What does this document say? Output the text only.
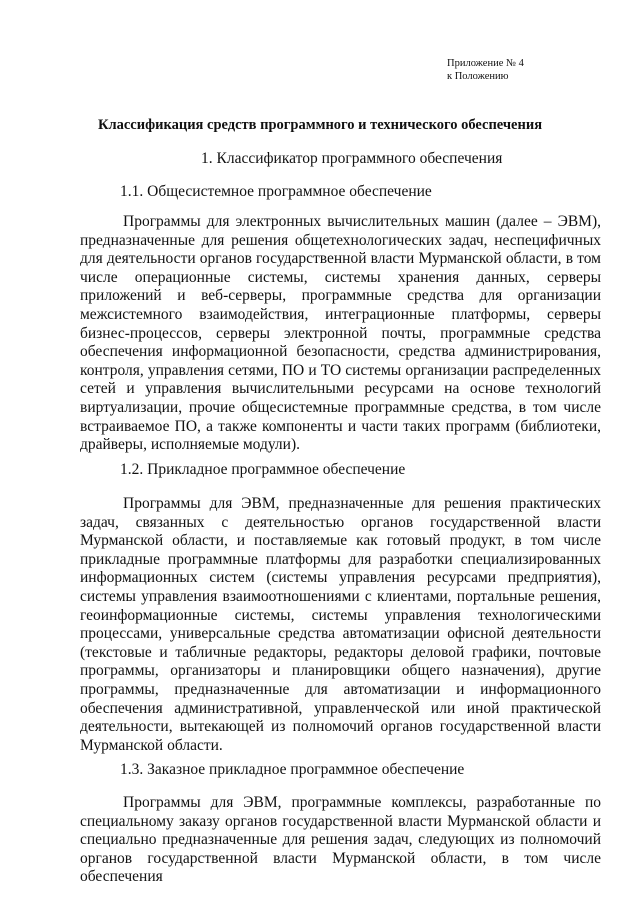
Приложение № 4
к Положению
Классификация средств программного и технического обеспечения
1. Классификатор программного обеспечения
1.1. Общесистемное программное обеспечение

Программы для электронных вычислительных машин (далее – ЭВМ), предназначенные для решения общетехнологических задач, неспецифичных для деятельности органов государственной власти Мурманской области, в том числе операционные системы, системы хранения данных, серверы приложений и веб-серверы, программные средства для организации межсистемного взаимодействия, интеграционные платформы, серверы бизнес-процессов, серверы электронной почты, программные средства обеспечения информационной безопасности, средства администрирования, контроля, управления сетями, ПО и ТО системы организации распределенных сетей и управления вычислительными ресурсами на основе технологий виртуализации, прочие общесистемные программные средства, в том числе встраиваемое ПО, а также компоненты и части таких программ (библиотеки, драйверы, исполняемые модули).

1.2. Прикладное программное обеспечение

Программы для ЭВМ, предназначенные для решения практических задач, связанных с деятельностью органов государственной власти Мурманской области, и поставляемые как готовый продукт, в том числе прикладные программные платформы для разработки специализированных информационных систем (системы управления ресурсами предприятия), системы управления взаимоотношениями с клиентами, портальные решения, геоинформационные системы, системы управления технологическими процессами, универсальные средства автоматизации офисной деятельности (текстовые и табличные редакторы, редакторы деловой графики, почтовые программы, организаторы и планировщики общего назначения), другие программы, предназначенные для автоматизации и информационного обеспечения административной, управленческой или иной практической деятельности, вытекающей из полномочий органов государственной власти Мурманской области.

1.3. Заказное прикладное программное обеспечение

Программы для ЭВМ, программные комплексы, разработанные по специальному заказу органов государственной власти Мурманской области и специально предназначенные для решения задач, следующих из полномочий органов государственной власти Мурманской области, в том числе обеспечения
